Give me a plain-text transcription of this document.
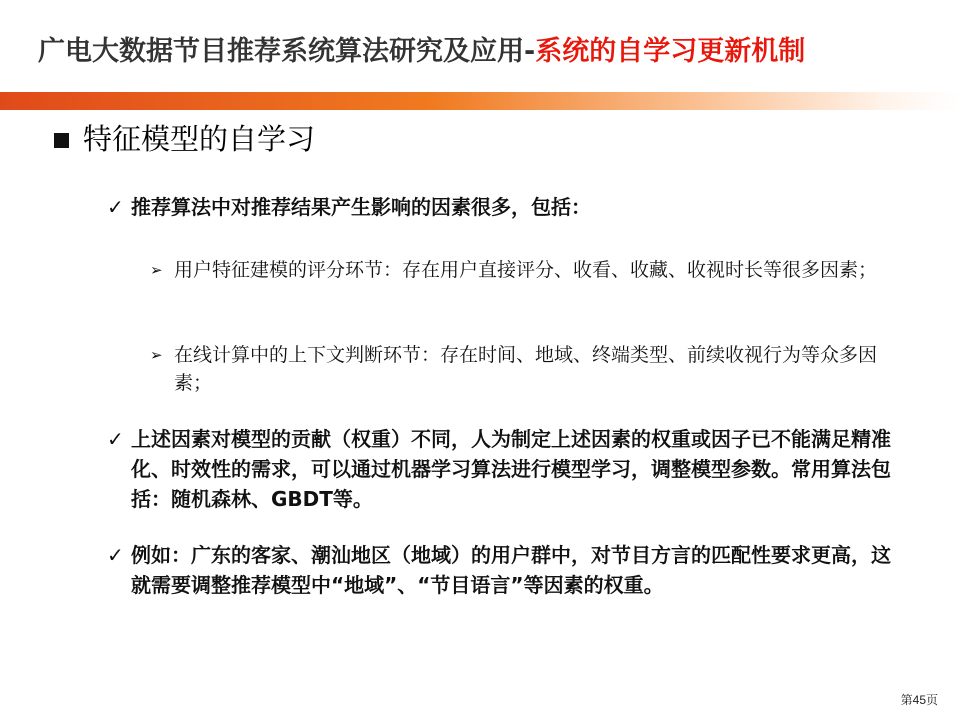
广电大数据节目推荐系统算法研究及应用-系统的自学习更新机制
特征模型的自学习
✓ 推荐算法中对推荐结果产生影响的因素很多，包括：
➢ 用户特征建模的评分环节：存在用户直接评分、收看、收藏、收视时长等很多因素；
➢ 在线计算中的上下文判断环节：存在时间、地域、终端类型、前续收视行为等众多因素；
✓ 上述因素对模型的贡献（权重）不同，人为制定上述因素的权重或因子已不能满足精准化、时效性的需求，可以通过机器学习算法进行模型学习，调整模型参数。常用算法包括：随机森林、GBDT等。
✓ 例如：广东的客家、潮汕地区（地域）的用户群中，对节目方言的匹配性要求更高，这就需要调整推荐模型中“地域”、“节目语言”等因素的权重。
第45页
